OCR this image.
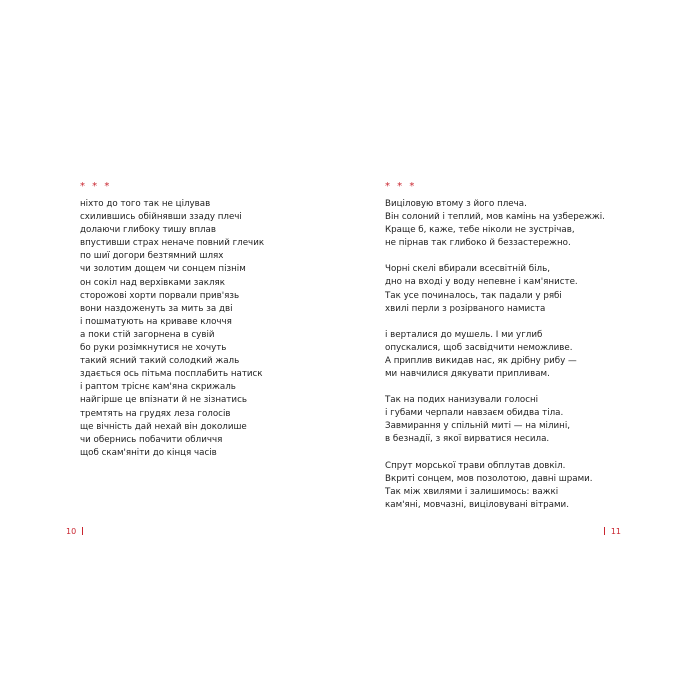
* * *
ніхто до того так не цілував
схилившись обійнявши ззаду плечі
долаючи глибоку тишу вплав
впустивши страх неначе повний глечик
по шиї догори безтямний шлях
чи золотим дощем чи сонцем пізнім
он сокіл над верхівками закляк
сторожові хорти порвали прив'язь
вони наздоженуть за мить за дві
і пошматують на криваве клоччя
а поки стій загорнена в сувій
бо руки розімкнутися не хочуть
такий ясний такий солодкий жаль
здається ось пітьма посплабить натиск
і раптом тріснє кам'яна скрижаль
найгірше це впізнати й не зізнатись
тремтять на грудях леза голосів
ще вічність дай нехай він доколише
чи обернись побачити обличчя
щоб скам'яніти до кінця часів
10
* * *
Виціловую втому з його плеча.
Він солоний і теплий, мов камінь на узбережжі.
Краще б, каже, тебе ніколи не зустрічав,
не пірнав так глибоко й беззастережно.
Чорні скелі вбирали всесвітній біль,
дно на вході у воду непевне і кам'янисте.
Так усе починалось, так падали у рябі
хвилі перли з розірваного намиста
і верталися до мушель. І ми углиб
опускалися, щоб засвідчити неможливе.
А приплив викидав нас, як дрібну рибу —
ми навчилися дякувати припливам.
Так на подих нанизували голосні
і губами черпали навзаєм обидва тіла.
Завмирання у спільній миті — на мілині,
в безнадії, з якої вирватися несила.
Спрут морської трави обплутав довкіл.
Вкриті сонцем, мов позолотою, давні шрами.
Так між хвилями і залишимось: важкі
кам'яні, мовчазні, виціловувані вітрами.
11
